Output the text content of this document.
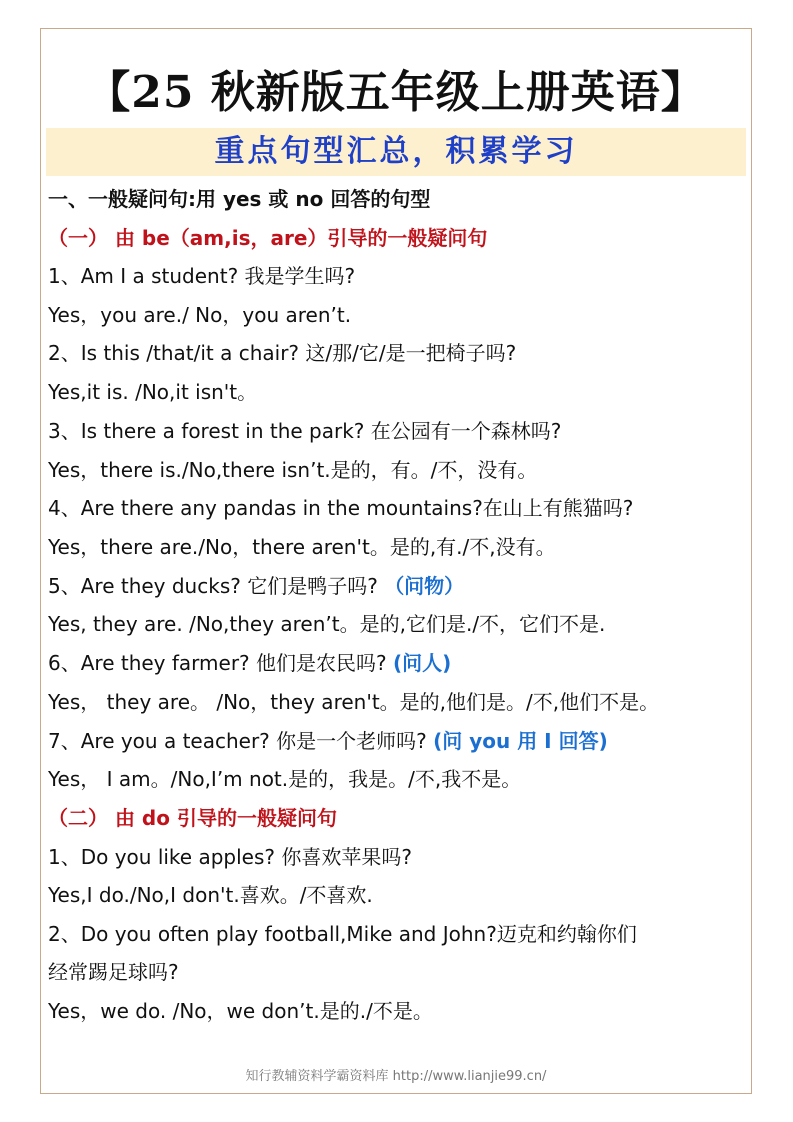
【25 秋新版五年级上册英语】
重点句型汇总，积累学习
一、一般疑问句:用 yes 或 no 回答的句型
（一） 由 be（am,is，are）引导的一般疑问句
1、Am I a student? 我是学生吗?
Yes，you are./ No，you aren’t.
2、Is this /that/it a chair? 这/那/它/是一把椅子吗?
Yes,it is. /No,it isn't。
3、Is there a forest in the park? 在公园有一个森林吗?
Yes，there is./No,there isn’t.是的，有。/不，没有。
4、Are there any pandas in the mountains?在山上有熊猫吗?
Yes，there are./No，there aren't。是的,有./不,没有。
5、Are they ducks? 它们是鸭子吗? （问物）
Yes, they are. /No,they aren’t。是的,它们是./不，它们不是.
6、Are they farmer? 他们是农民吗? (问人)
Yes， they are。 /No，they aren't。是的,他们是。/不,他们不是。
7、Are you a teacher? 你是一个老师吗? (问 you 用 I 回答)
Yes， I am。/No,I’m not.是的，我是。/不,我不是。
（二） 由 do 引导的一般疑问句
1、Do you like apples? 你喜欢苹果吗?
Yes,I do./No,I don't.喜欢。/不喜欢.
2、Do you often play football,Mike and John?迈克和约翰你们
经常踢足球吗?
Yes，we do. /No，we don’t.是的./不是。
知行教辅资料学霸资料库 http://www.lianjie99.cn/
